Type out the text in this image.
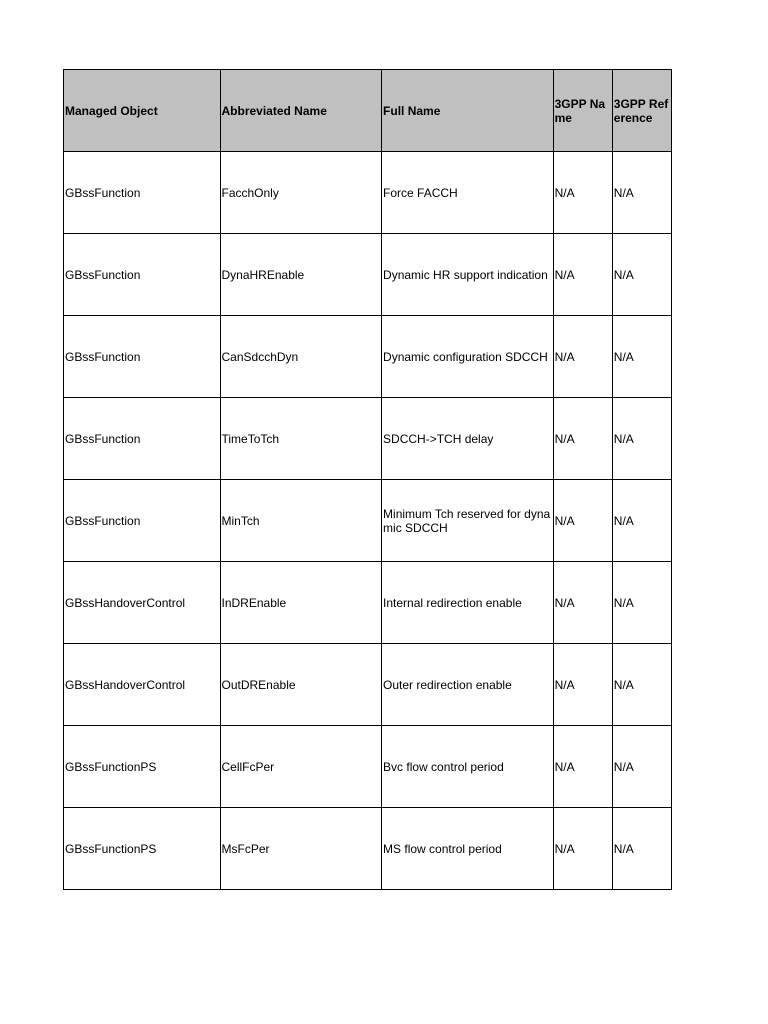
Managed Object	Abbreviated Name	Full Name	3GPP Name	3GPP Reference
GBssFunction	FacchOnly	Force FACCH	N/A	N/A
GBssFunction	DynaHREnable	Dynamic HR support indication	N/A	N/A
GBssFunction	CanSdcchDyn	Dynamic configuration SDCCH	N/A	N/A
GBssFunction	TimeToTch	SDCCH->TCH delay	N/A	N/A
GBssFunction	MinTch	Minimum Tch reserved for dynamic SDCCH	N/A	N/A
GBssHandoverControl	InDREnable	Internal redirection enable	N/A	N/A
GBssHandoverControl	OutDREnable	Outer redirection enable	N/A	N/A
GBssFunctionPS	CellFcPer	Bvc flow control period	N/A	N/A
GBssFunctionPS	MsFcPer	MS flow control period	N/A	N/A
